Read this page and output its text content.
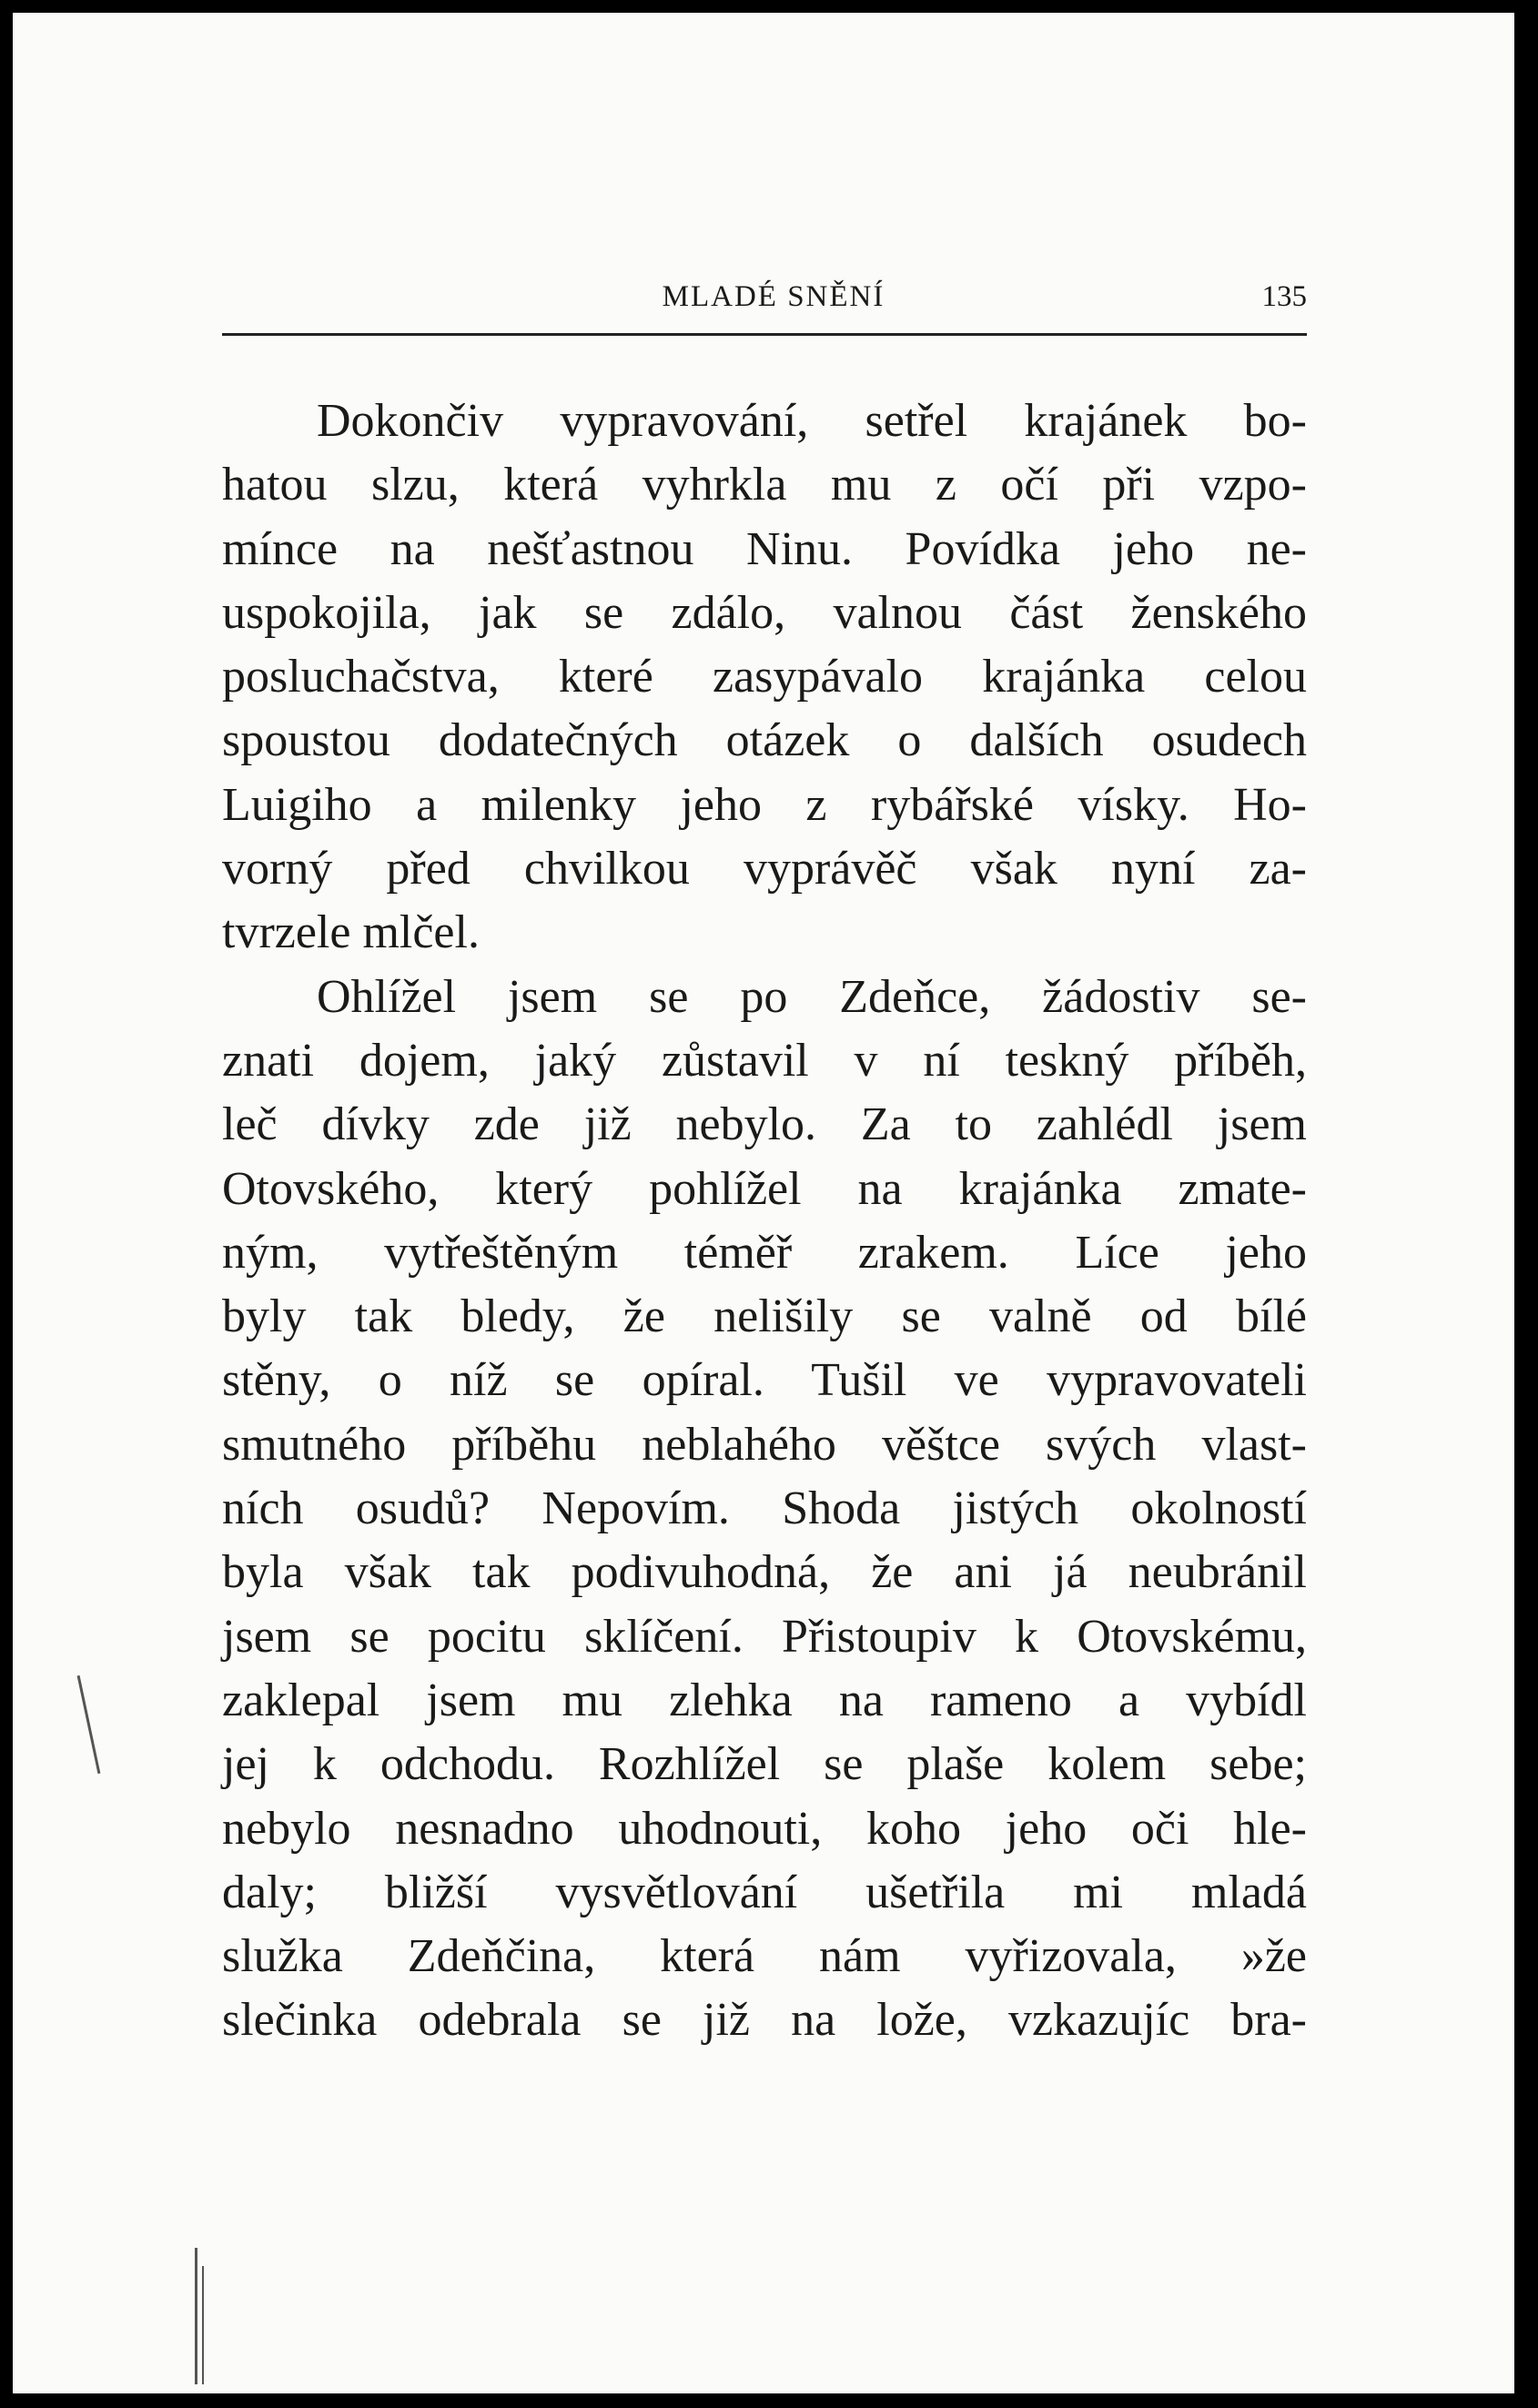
MLADÉ SNĚNÍ	135

Dokončiv vypravování, setřel krajánek bo-
hatou slzu, která vyhrkla mu z očí při vzpo-
mínce na nešťastnou Ninu. Povídka jeho ne-
uspokojila, jak se zdálo, valnou část ženského
posluchačstva, které zasypávalo krajánka celou
spoustou dodatečných otázek o dalších osudech
Luigiho a milenky jeho z rybářské vísky. Ho-
vorný před chvilkou vyprávěč však nyní za-
tvrzele mlčel.

Ohlížel jsem se po Zdeňce, žádostiv se-
znati dojem, jaký zůstavil v ní teskný příběh,
leč dívky zde již nebylo. Za to zahlédl jsem
Otovského, který pohlížel na krajánka zmate-
ným, vytřeštěným téměř zrakem. Líce jeho
byly tak bledy, že nelišily se valně od bílé
stěny, o níž se opíral. Tušil ve vypravovateli
smutného příběhu neblahého věštce svých vlast-
ních osudů? Nepovím. Shoda jistých okolností
byla však tak podivuhodná, že ani já neubránil
jsem se pocitu sklíčení. Přistoupiv k Otovskému,
zaklepal jsem mu zlehka na rameno a vybídl
jej k odchodu. Rozhlížel se plaše kolem sebe;
nebylo nesnadno uhodnouti, koho jeho oči hle-
daly; bližší vysvětlování ušetřila mi mladá
služka Zdeňčina, která nám vyřizovala, »že
slečinka odebrala se již na lože, vzkazujíc bra-
